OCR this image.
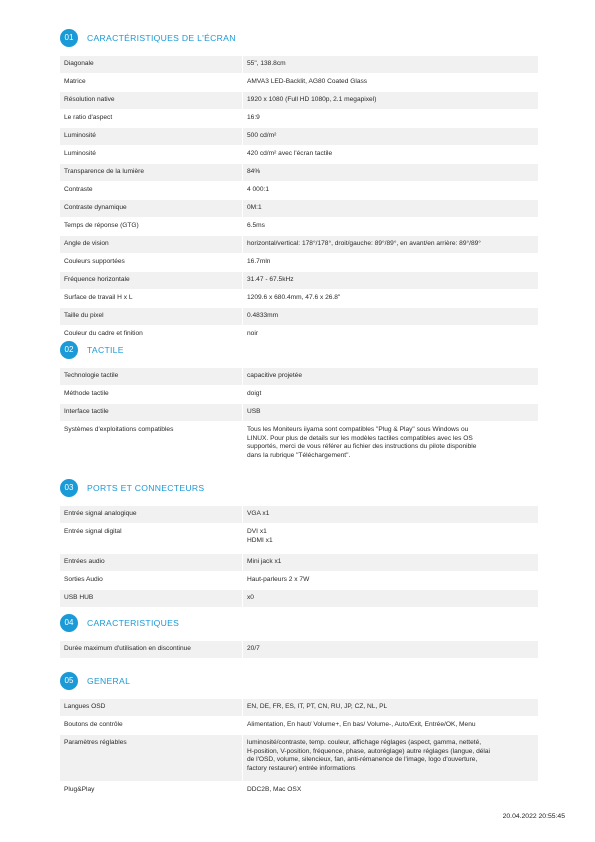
01	CARACTÉRISTIQUES DE L'ÉCRAN
Diagonale	55", 138.8cm
Matrice	AMVA3 LED-Backlit, AG80 Coated Glass
Résolution native	1920 x 1080 (Full HD 1080p, 2.1 megapixel)
Le ratio d'aspect	16:9
Luminosité	500 cd/m²
Luminosité	420 cd/m² avec l'écran tactile
Transparence de la lumière	84%
Contraste	4 000:1
Contraste dynamique	0M:1
Temps de réponse (GTG)	6.5ms
Angle de vision	horizontal/vertical: 178°/178°, droit/gauche: 89°/89°, en avant/en arrière: 89°/89°
Couleurs supportées	16.7mln
Fréquence horizontale	31.47 - 67.5kHz
Surface de travail H x L	1209.6 x 680.4mm, 47.6 x 26.8"
Taille du pixel	0.4833mm
Couleur du cadre et finition	noir
02	TACTILE
Technologie tactile	capacitive projetée
Méthode tactile	doigt
Interface tactile	USB
Systèmes d'exploitations compatibles	Tous les Moniteurs iiyama sont compatibles "Plug & Play" sous Windows ou
LINUX. Pour plus de details sur les modèles tactiles compatibles avec les OS
supportés, merci de vous référer au fichier des instructions du pilote disponible
dans la rubrique "Téléchargement".
03	PORTS ET CONNECTEURS
Entrée signal analogique	VGA x1
Entrée signal digital	DVI x1
HDMI x1
Entrées audio	Mini jack x1
Sorties Audio	Haut-parleurs 2 x 7W
USB HUB	x0
04	CARACTERISTIQUES
Durée maximum d'utilisation en discontinue	20/7
05	GENERAL
Langues OSD	EN, DE, FR, ES, IT, PT, CN, RU, JP, CZ, NL, PL
Boutons de contrôle	Alimentation, En haut/ Volume+, En bas/ Volume-, Auto/Exit, Entrée/OK, Menu
Paramètres réglables	luminosité/contraste, temp. couleur, affichage réglages (aspect, gamma, netteté,
H-position, V-position, fréquence, phase, autoréglage) autre réglages (langue, délai
de l'OSD, volume, silencieux, fan, anti-rémanence de l'image, logo d'ouverture,
factory restaurer) entrée informations
Plug&Play	DDC2B, Mac OSX
20.04.2022 20:55:45
